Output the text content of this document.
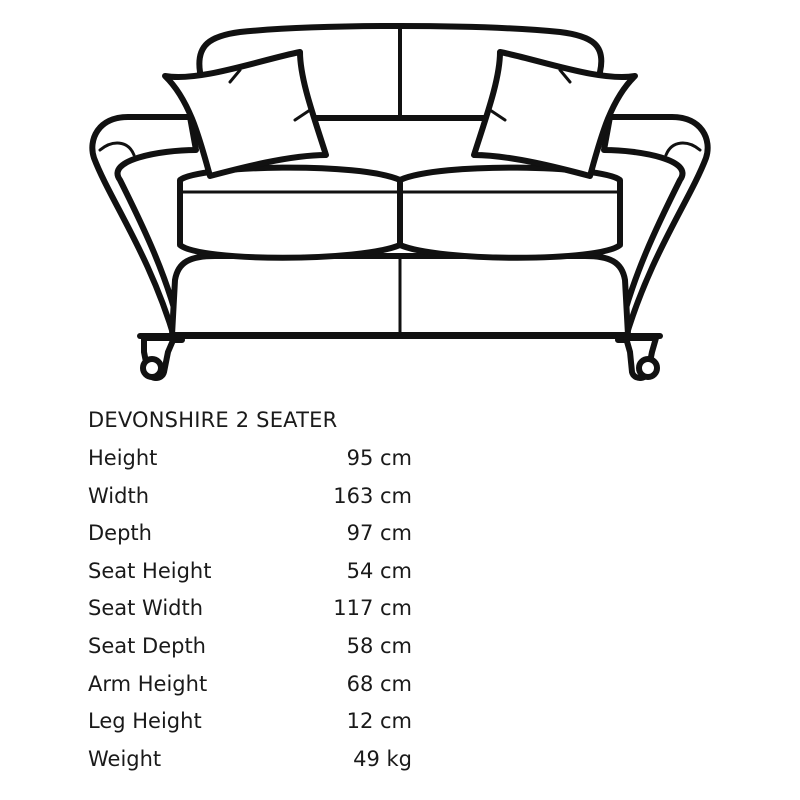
DEVONSHIRE 2 SEATER
Height	95 cm
Width	163 cm
Depth	97 cm
Seat Height	54 cm
Seat Width	117 cm
Seat Depth	58 cm
Arm Height	68 cm
Leg Height	12 cm
Weight	49 kg
